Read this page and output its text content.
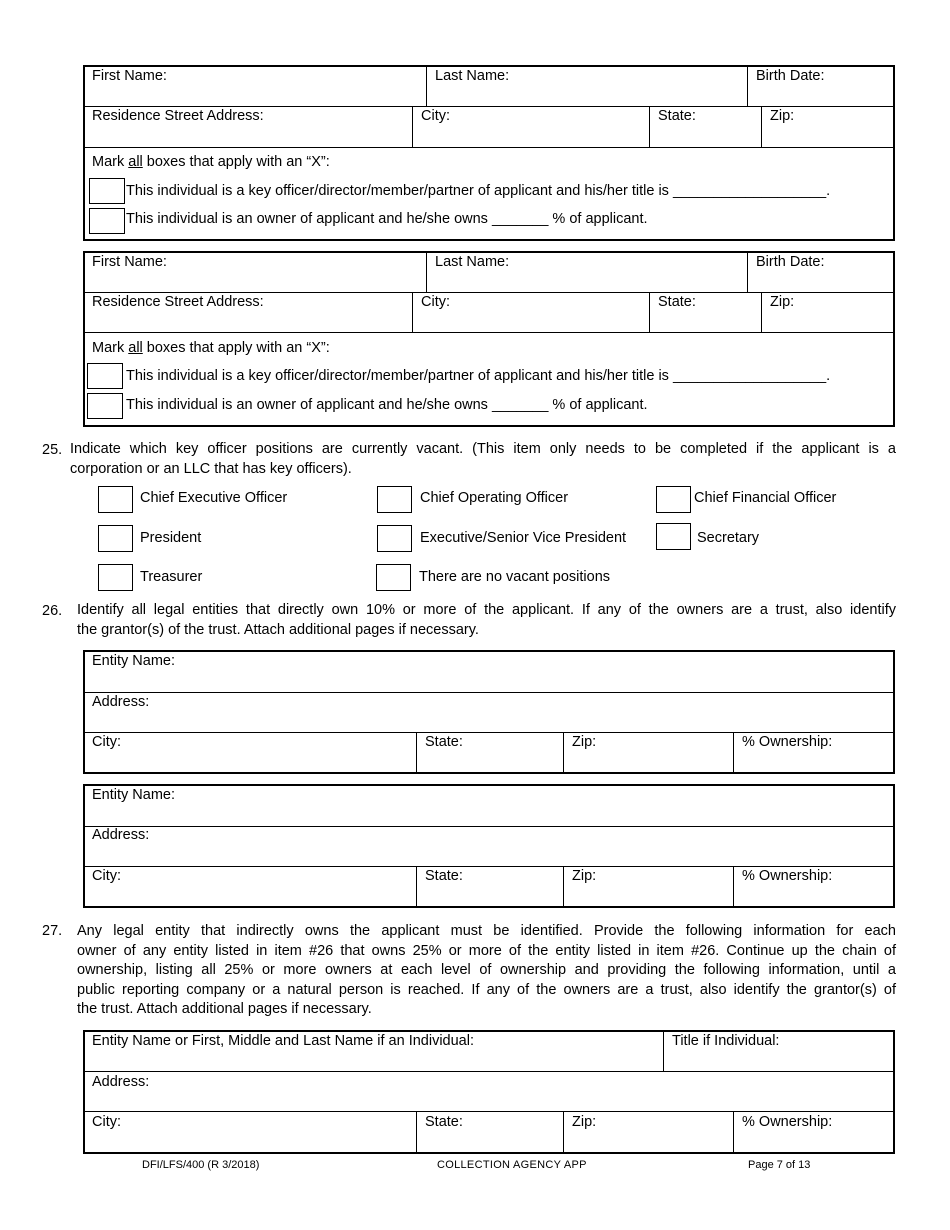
First Name:	Last Name:	Birth Date:
Residence Street Address:	City:	State:	Zip:
Mark all boxes that apply with an “X”:
This individual is a key officer/director/member/partner of applicant and his/her title is ___________________.
This individual is an owner of applicant and he/she owns _______ % of applicant.
First Name:	Last Name:	Birth Date:
Residence Street Address:	City:	State:	Zip:
Mark all boxes that apply with an “X”:
This individual is a key officer/director/member/partner of applicant and his/her title is ___________________.
This individual is an owner of applicant and he/she owns _______ % of applicant.
25. Indicate which key officer positions are currently vacant. (This item only needs to be completed if the applicant is a
corporation or an LLC that has key officers).
Chief Executive Officer	Chief Operating Officer	Chief Financial Officer
President	Executive/Senior Vice President	Secretary
Treasurer	There are no vacant positions
26. Identify all legal entities that directly own 10% or more of the applicant. If any of the owners are a trust, also identify
the grantor(s) of the trust. Attach additional pages if necessary.
Entity Name:
Address:
City:	State:	Zip:	% Ownership:
Entity Name:
Address:
City:	State:	Zip:	% Ownership:
27. Any legal entity that indirectly owns the applicant must be identified. Provide the following information for each
owner of any entity listed in item #26 that owns 25% or more of the entity listed in item #26. Continue up the chain of
ownership, listing all 25% or more owners at each level of ownership and providing the following information, until a
public reporting company or a natural person is reached. If any of the owners are a trust, also identify the grantor(s) of
the trust. Attach additional pages if necessary.
Entity Name or First, Middle and Last Name if an Individual:	Title if Individual:
Address:
City:	State:	Zip:	% Ownership:
DFI/LFS/400 (R 3/2018)	COLLECTION AGENCY APP	Page 7 of 13
